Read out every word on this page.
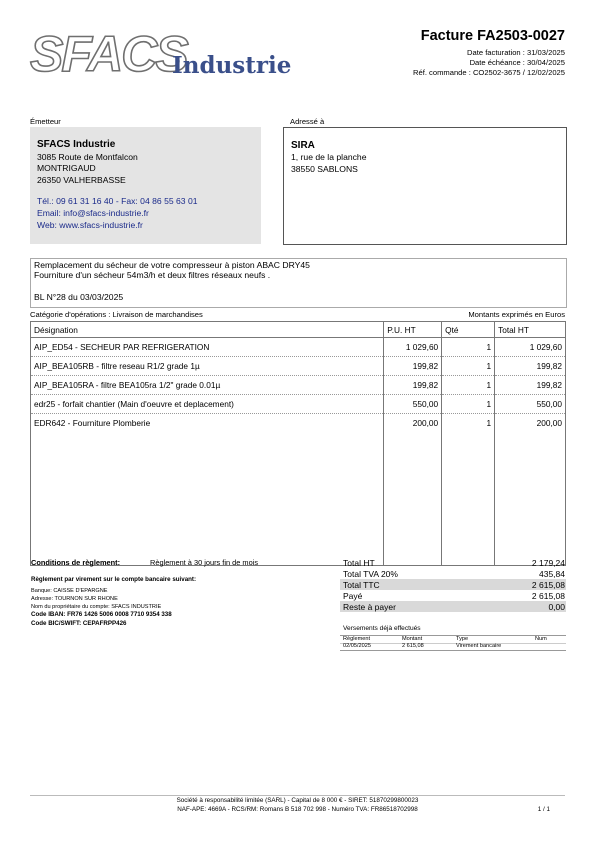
SFACS
Industrie
Facture FA2503-0027
Date facturation : 31/03/2025
Date échéance : 30/04/2025
Réf. commande : CO2502-3675 / 12/02/2025
Émetteur
SFACS Industrie
3085 Route de Montfalcon
MONTRIGAUD
26350 VALHERBASSE
Tél.: 09 61 31 16 40 - Fax: 04 86 55 63 01
Email: info@sfacs-industrie.fr
Web: www.sfacs-industrie.fr
Adressé à
SIRA
1, rue de la planche
38550 SABLONS
Remplacement du sécheur de votre compresseur à piston ABAC DRY45
Fourniture d'un sécheur 54m3/h et deux filtres réseaux neufs .
BL N°28 du 03/03/2025
Catégorie d'opérations : Livraison de marchandises	Montants exprimés en Euros
Désignation	P.U. HT	Qté	Total HT
AIP_ED54 - SECHEUR PAR REFRIGERATION	1 029,60	1	1 029,60
AIP_BEA105RB - filtre reseau R1/2 grade 1µ	199,82	1	199,82
AIP_BEA105RA - filtre BEA105ra 1/2" grade 0.01µ	199,82	1	199,82
edr25 - forfait chantier (Main d'oeuvre et deplacement)	550,00	1	550,00
EDR642 - Fourniture Plomberie	200,00	1	200,00

Conditions de règlement:	Règlement à 30 jours fin de mois
Règlement par virement sur le compte bancaire suivant:
Banque: CAISSE D'EPARGNE
Adresse: TOURNON SUR RHONE
Nom du propriétaire du compte: SFACS INDUSTRIE
Code IBAN: FR76 1426 5006 0008 7710 9354 338
Code BIC/SWIFT: CEPAFRPP426
Total HT	2 179,24
Total TVA 20%	435,84
Total TTC	2 615,08
Payé	2 615,08
Reste à payer	0,00
Versements déjà effectués
Règlement	Montant	Type	Num
02/05/2025	2 615,08	Virement bancaire
Société à responsabilité limitée (SARL) - Capital de 8 000 € - SIRET: 51870299800023
NAF-APE: 4669A - RCS/RM: Romans B 518 702 998 - Numéro TVA: FR86518702998	1 / 1
